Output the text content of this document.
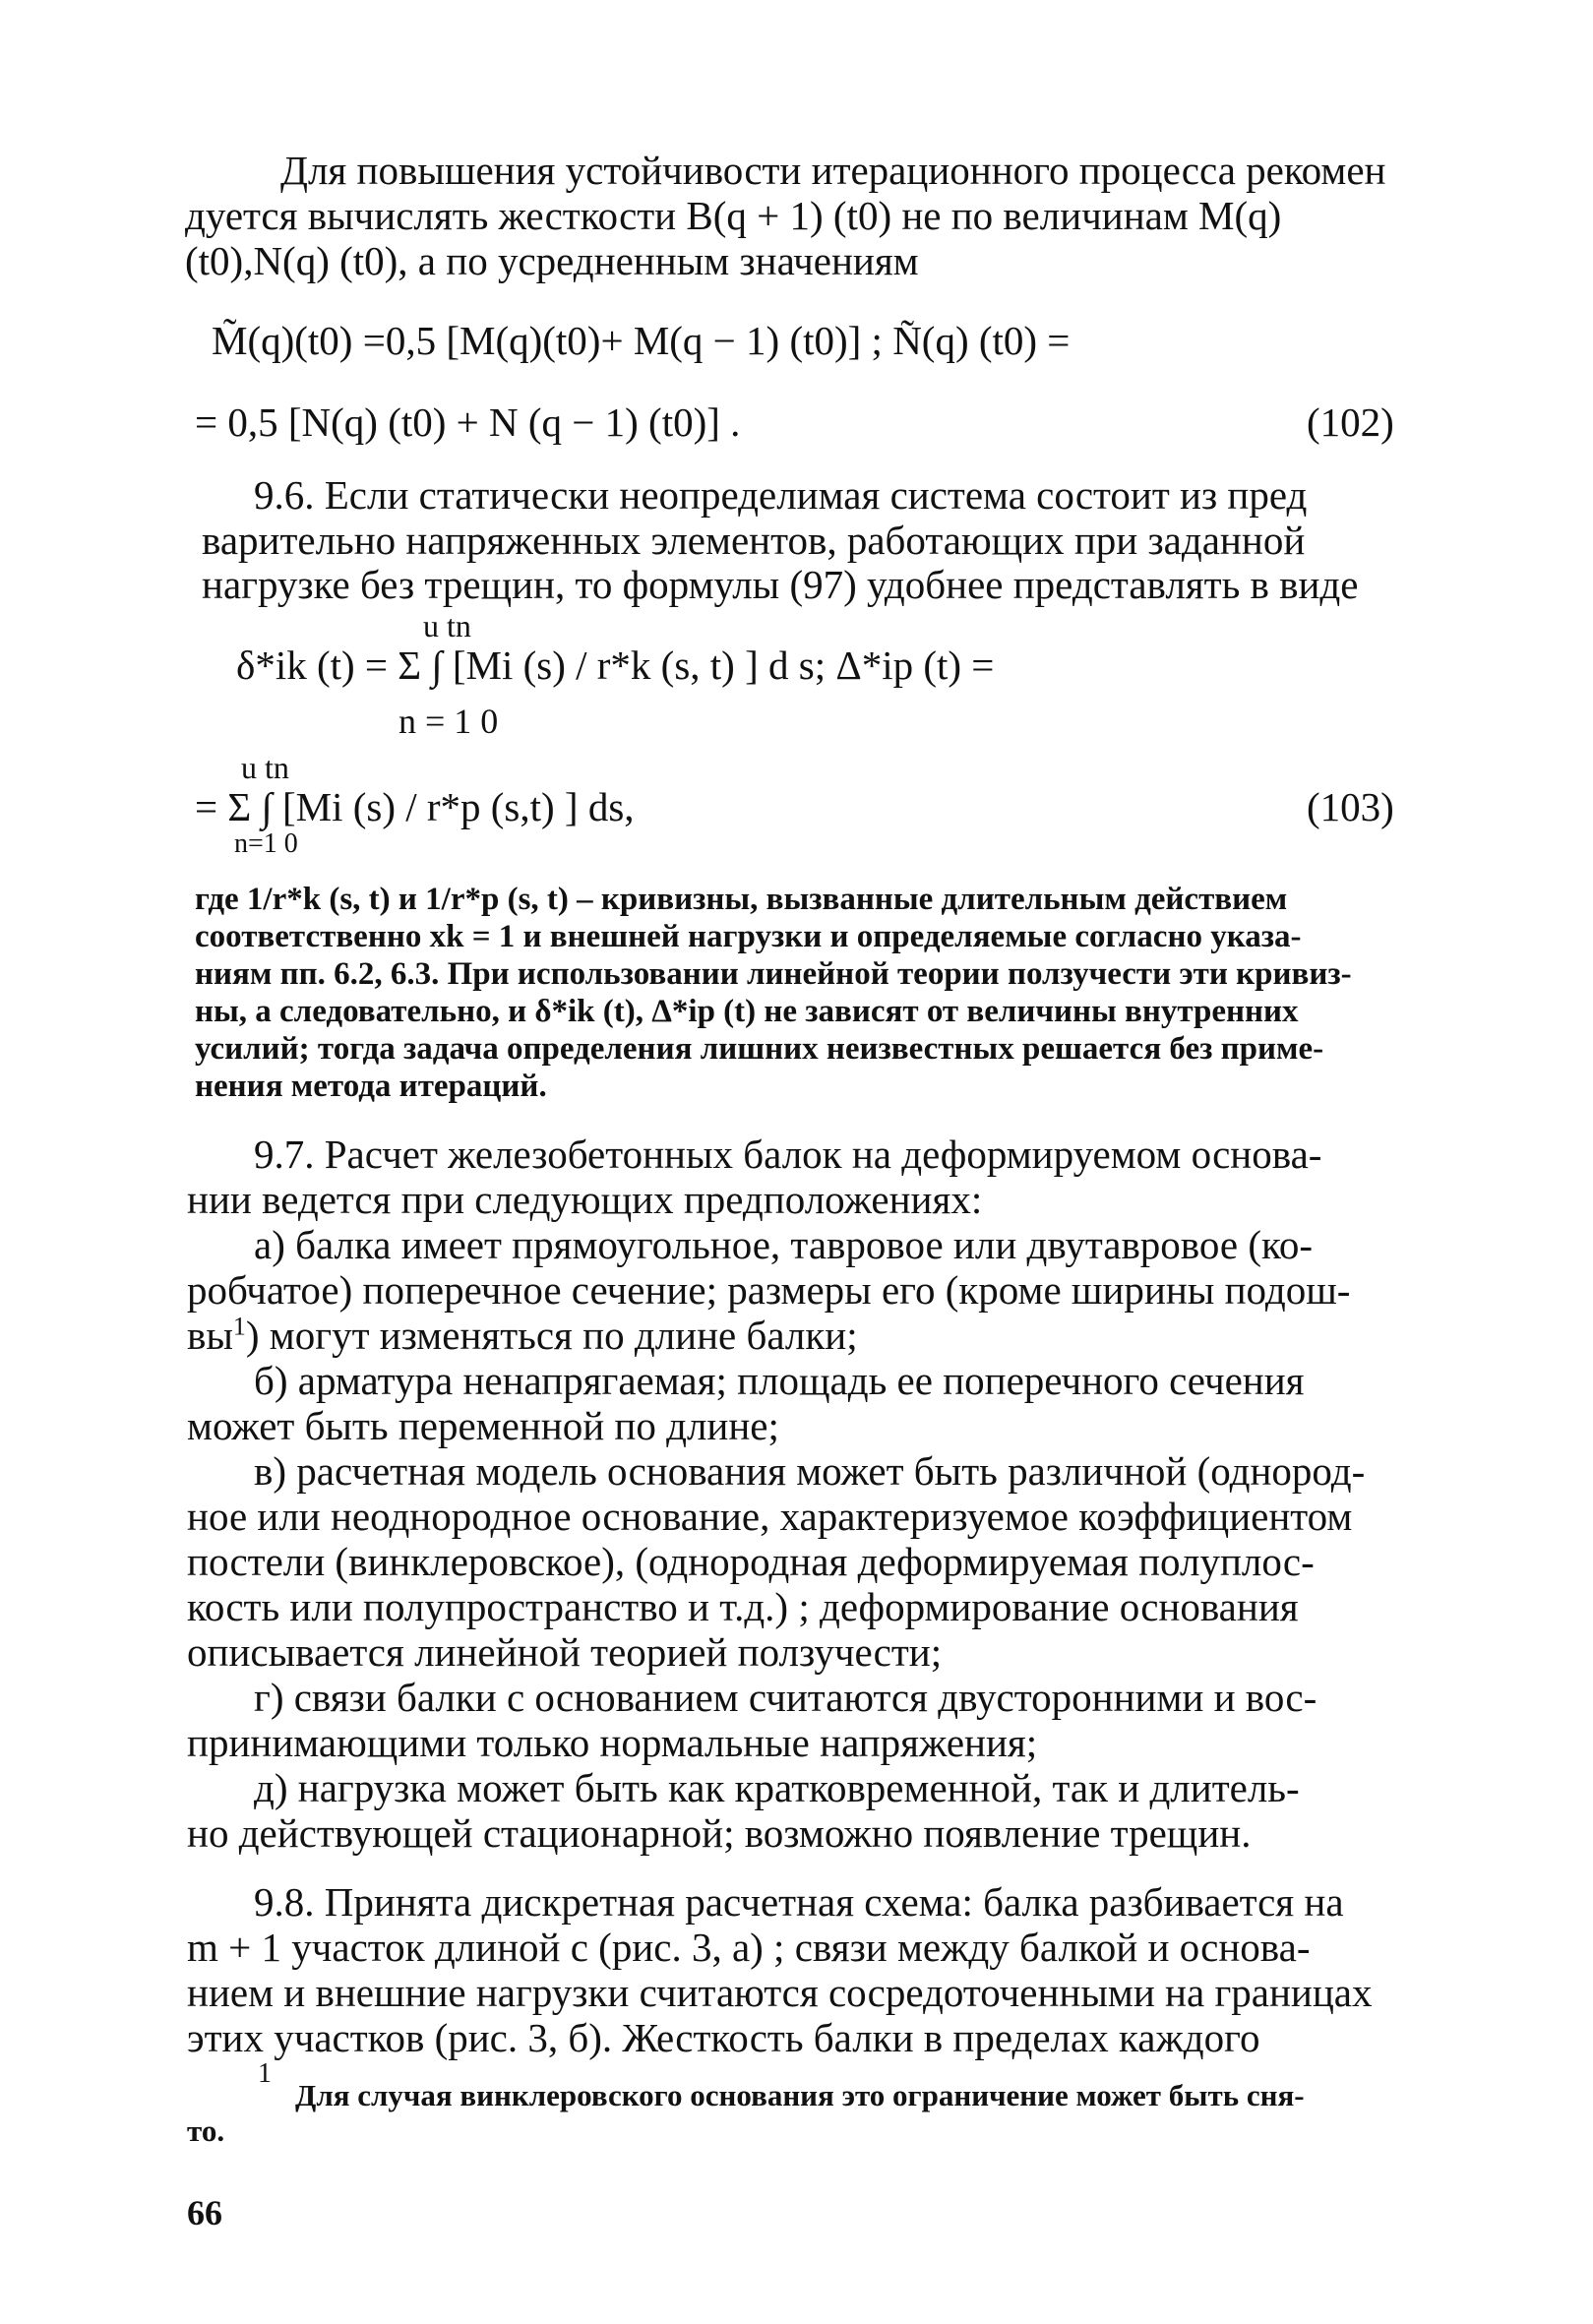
Для повышения устойчивости итерационного процесса рекомен
дуется вычислять жесткости B(q + 1) (t0) не по величинам M(q)
(t0),N(q) (t0), а по усредненным значениям
M̃(q)(t0) =0,5 [M(q)(t0)+ M(q − 1) (t0)] ; Ñ(q) (t0) =
= 0,5 [N(q) (t0) + N (q − 1) (t0)] .	(102)
9.6. Если статически неопределимая система состоит из пред
варительно напряженных элементов, работающих при заданной
нагрузке без трещин, то формулы (97) удобнее представлять в виде
u tn
δ*ik (t) = Σ ∫ [Mi (s) / r*k (s, t) ] d s; Δ*ip (t) =
n = 1 0
u tn
= Σ ∫ [Mi (s) / r*p (s,t) ] ds,
n=1 0
(103)
где 1/r*k (s, t) и 1/r*p (s, t) – кривизны, вызванные длительным действием
соответственно xk = 1 и внешней нагрузки и определяемые согласно указа-
ниям пп. 6.2, 6.3. При использовании линейной теории ползучести эти кривиз-
ны, а следовательно, и δ*ik (t), Δ*ip (t) не зависят от величины внутренних
усилий; тогда задача определения лишних неизвестных решается без приме-
нения метода итераций.
9.7. Расчет железобетонных балок на деформируемом основа-
нии ведется при следующих предположениях:
а) балка имеет прямоугольное, тавровое или двутавровое (ко-
робчатое) поперечное сечение; размеры его (кроме ширины подош-
$вы^1$) могут изменяться по длине балки;
б) арматура ненапрягаемая; площадь ее поперечного сечения
может быть переменной по длине;
в) расчетная модель основания может быть различной (однород-
ное или неоднородное основание, характеризуемое коэффициентом
постели (винклеровское), (однородная деформируемая полуплос-
кость или полупространство и т.д.) ; деформирование основания
описывается линейной теорией ползучести;
г) связи балки с основанием считаются двусторонними и вос-
принимающими только нормальные напряжения;
д) нагрузка может быть как кратковременной, так и длитель-
но действующей стационарной; возможно появление трещин.
9.8. Принята дискретная расчетная схема: балка разбивается на
m + 1 участок длиной с (рис. 3, а) ; связи между балкой и основа-
нием и внешние нагрузки считаются сосредоточенными на границах
этих участков (рис. 3, б). Жесткость балки в пределах каждого
1
Для случая винклеровского основания это ограничение может быть сня-
то.
66
